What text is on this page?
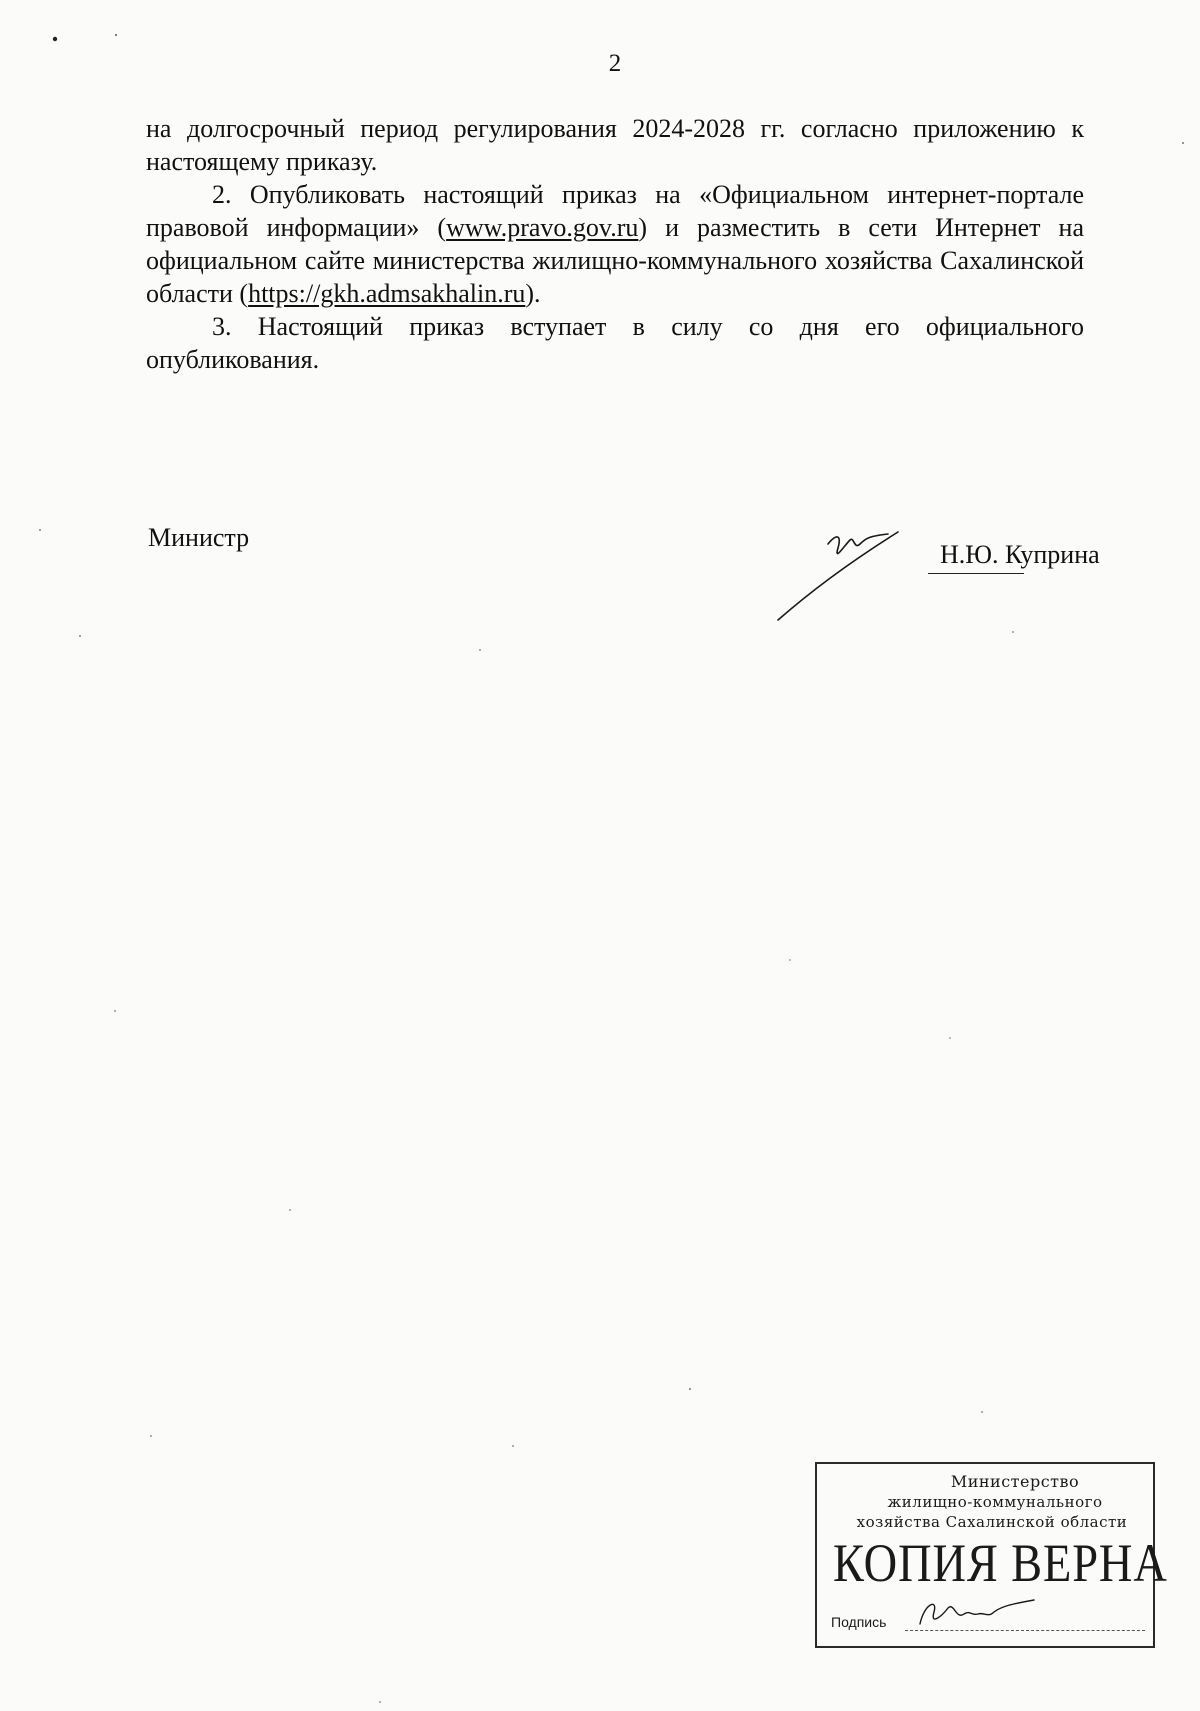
2

на долгосрочный период регулирования 2024-2028 гг. согласно приложению к настоящему приказу.

2. Опубликовать настоящий приказ на «Официальном интернет-портале правовой информации» (www.pravo.gov.ru) и разместить в сети Интернет на официальном сайте министерства жилищно-коммунального хозяйства Сахалинской области (https://gkh.admsakhalin.ru).

3. Настоящий приказ вступает в силу со дня его официального опубликования.

Министр
Н.Ю. Куприна
Министерство
жилищно-коммунального
хозяйства Сахалинской области
КОПИЯ ВЕРНА
Подпись
